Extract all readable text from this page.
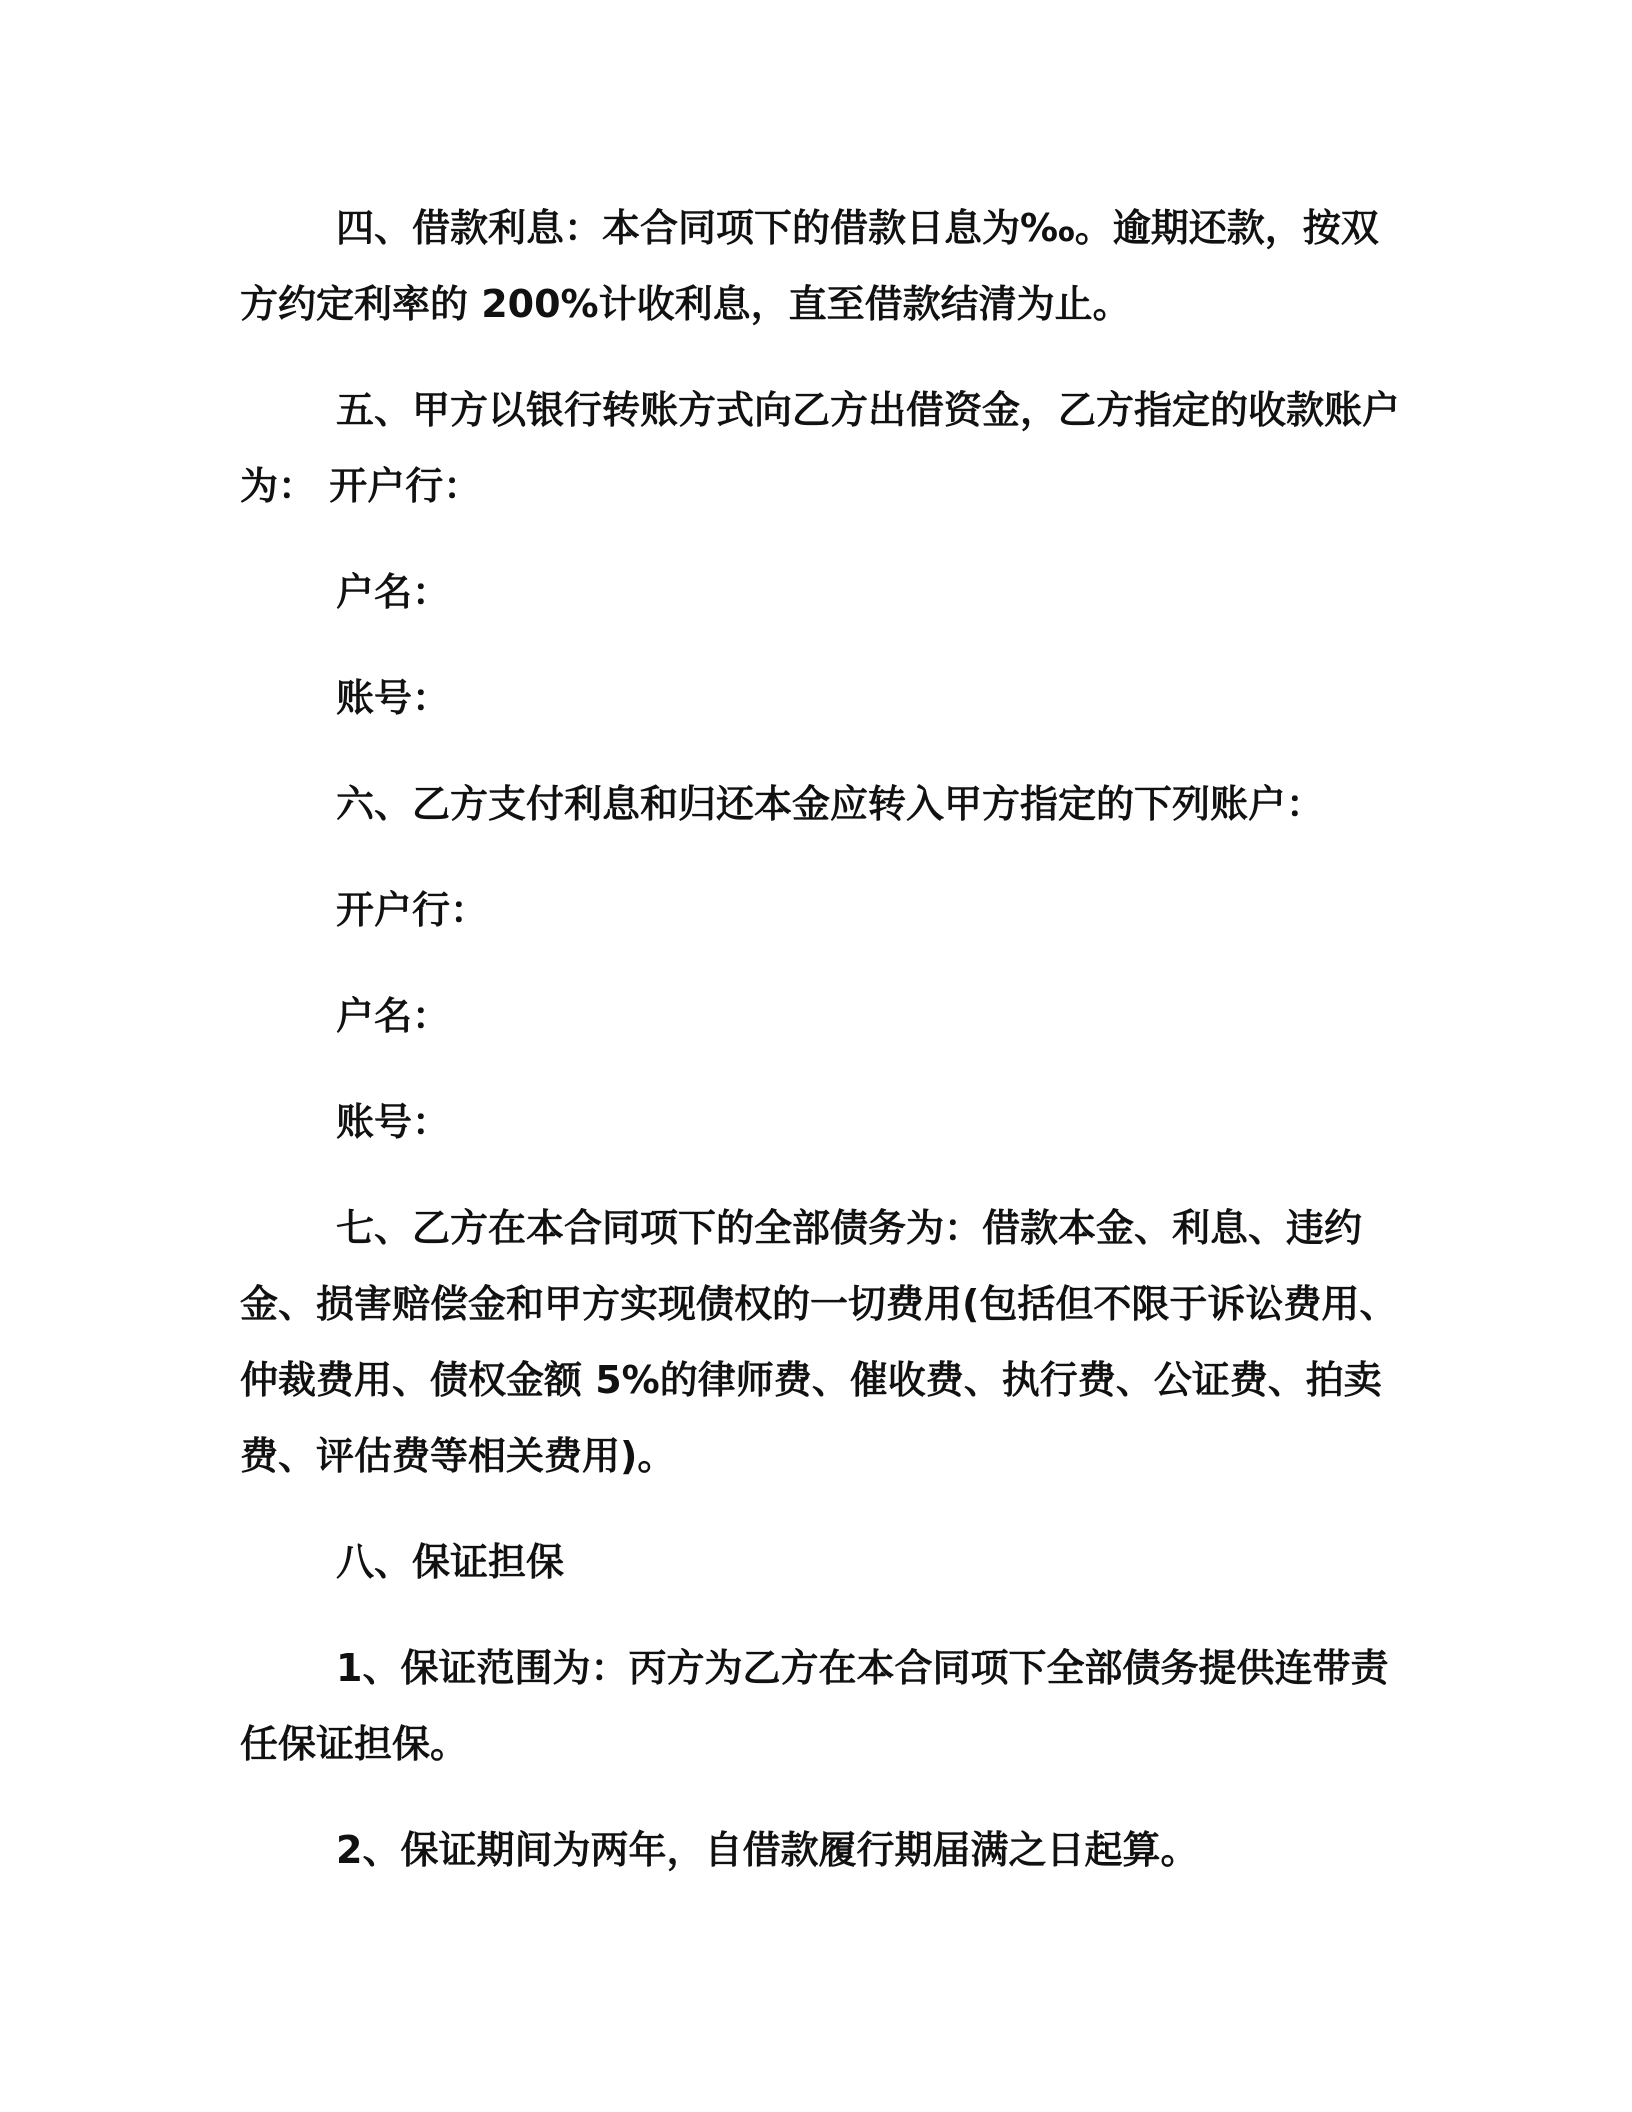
四、借款利息：本合同项下的借款日息为‰。逾期还款，按双方约定利率的 200%计收利息，直至借款结清为止。

五、甲方以银行转账方式向乙方出借资金，乙方指定的收款账户为： 开户行：

户名：

账号：

六、乙方支付利息和归还本金应转入甲方指定的下列账户：

开户行：

户名：

账号：

七、乙方在本合同项下的全部债务为：借款本金、利息、违约金、损害赔偿金和甲方实现债权的一切费用(包括但不限于诉讼费用、仲裁费用、债权金额 5%的律师费、催收费、执行费、公证费、拍卖费、评估费等相关费用)。

八、保证担保

1、保证范围为：丙方为乙方在本合同项下全部债务提供连带责任保证担保。

2、保证期间为两年，自借款履行期届满之日起算。
